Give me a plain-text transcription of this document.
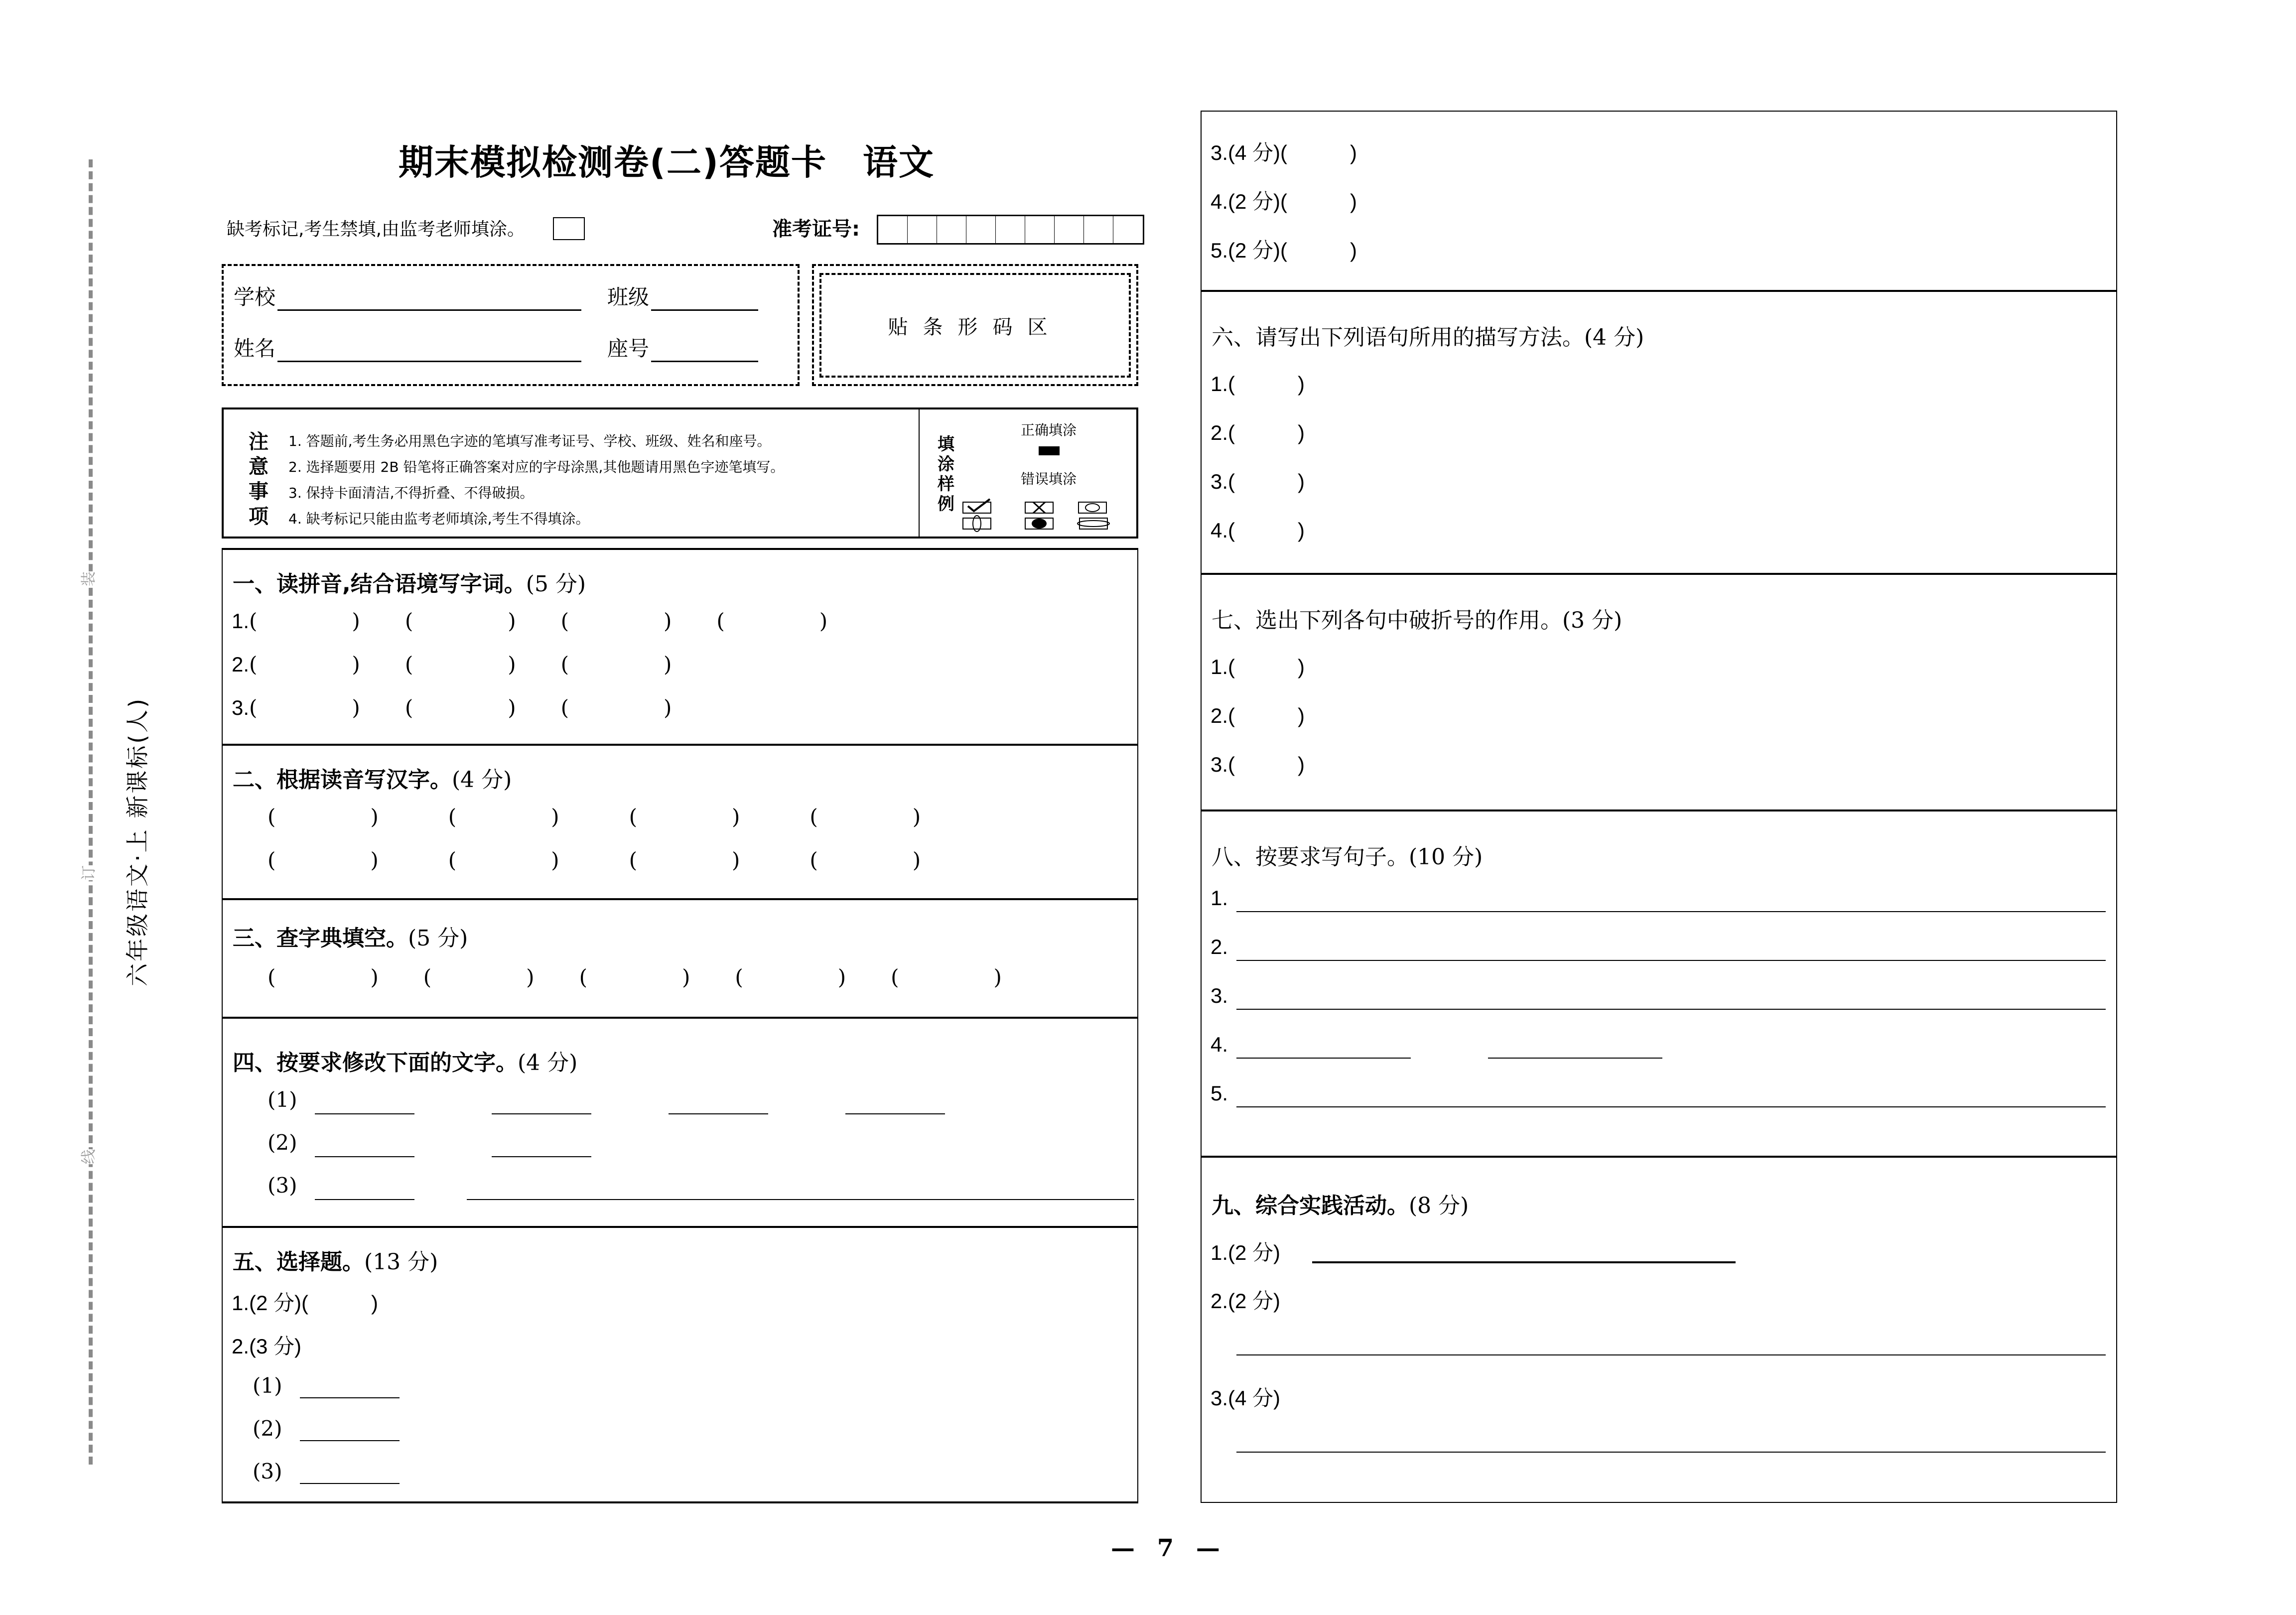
装
订
线
六年级语文·上 新课标(人)
期末模拟检测卷(二)答题卡　语文
缺考标记,考生禁填,由监考老师填涂。	准考证号:
学校	班级
姓名	座号
贴条形码区
注
意
事
项
1. 答题前,考生务必用黑色字迹的笔填写准考证号、学校、班级、姓名和座号。
2. 选择题要用 2B 铅笔将正确答案对应的字母涂黑,其他题请用黑色字迹笔填写。
3. 保持卡面清洁,不得折叠、不得破损。
4. 缺考标记只能由监考老师填涂,考生不得填涂。
填
涂
样
例
正确填涂
错误填涂
一、读拼音,结合语境写字词。(5 分)
1.(	) (	) (	) (	)
2.(	) (	) (	)
3.(	) (	) (	)
二、根据读音写汉字。(4 分)
(	)	(	)	(	)	(	)
(	)	(	)	(	)	(	)
三、查字典填空。(5 分)
(	) (	) (	) (	) (	)
四、按要求修改下面的文字。(4 分)
(1)
(2)
(3)
五、选择题。(13 分)
1.(2 分)(　　　)
2.(3 分)
(1)
(2)
(3)
3.(4 分)(　　　)
4.(2 分)(　　　)
5.(2 分)(　　　)
六、请写出下列语句所用的描写方法。(4 分)
1.(　　　)
2.(　　　)
3.(　　　)
4.(　　　)
七、选出下列各句中破折号的作用。(3 分)
1.(　　　)
2.(　　　)
3.(　　　)
八、按要求写句子。(10 分)
1.
2.
3.
4.
5.
九、综合实践活动。(8 分)
1.(2 分)
2.(2 分)
3.(4 分)
— 7 —
